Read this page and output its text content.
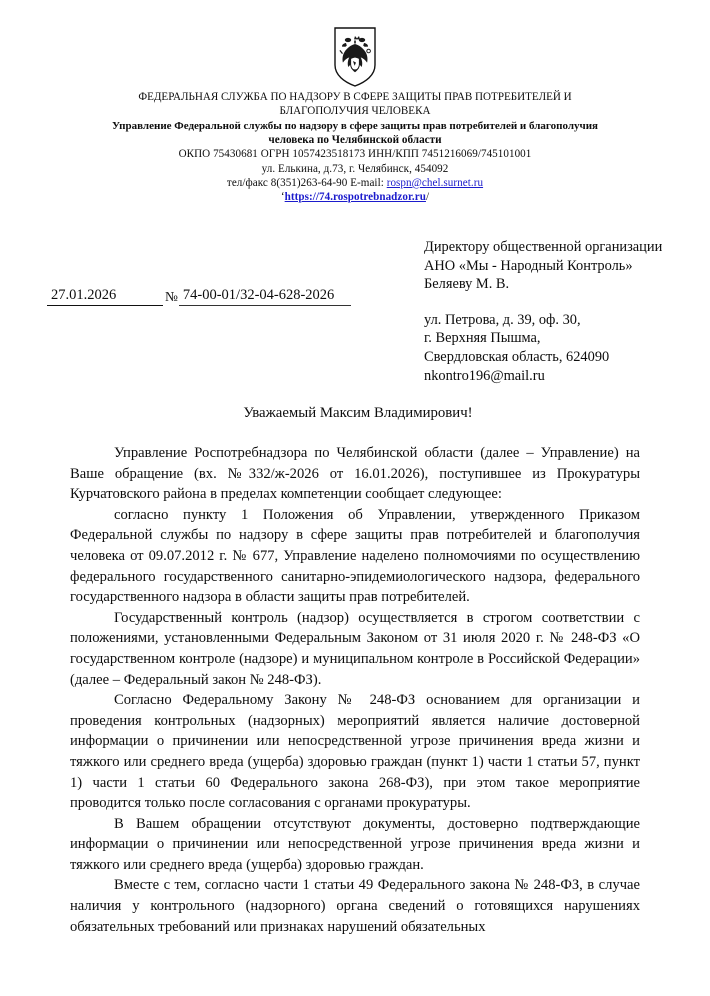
ФЕДЕРАЛЬНАЯ СЛУЖБА ПО НАДЗОРУ В СФЕРЕ ЗАЩИТЫ ПРАВ ПОТРЕБИТЕЛЕЙ И
БЛАГОПОЛУЧИЯ ЧЕЛОВЕКА
Управление Федеральной службы по надзору в сфере защиты прав потребителей и благополучия
человека по Челябинской области
ОКПО 75430681 ОГРН 1057423518173 ИНН/КПП 7451216069/745101001
ул. Елькина, д.73, г. Челябинск, 454092
тел/факс 8(351)263-64-90 E-mail: rospn@chel.surnet.ru
‘https://74.rospotrebnadzor.ru/
27.01.2026	№ 74-00-01/32-04-628-2026
Директору общественной организации
АНО «Мы - Народный Контроль»
Беляеву М. В.
ул. Петрова, д. 39, оф. 30,
г. Верхняя Пышма,
Свердловская область, 624090
nkontro196@mail.ru
Уважаемый Максим Владимирович!

Управление Роспотребнадзора по Челябинской области (далее – Управление) на Ваше обращение (вх. №332/ж-2026 от 16.01.2026), поступившее из Прокуратуры Курчатовского района в пределах компетенции сообщает следующее:

согласно пункту 1 Положения об Управлении, утвержденного Приказом Федеральной службы по надзору в сфере защиты прав потребителей и благополучия человека от 09.07.2012 г. № 677, Управление наделено полномочиями по осуществлению федерального государственного санитарно-эпидемиологического надзора, федерального государственного надзора в области защиты прав потребителей.

Государственный контроль (надзор) осуществляется в строгом соответствии с положениями, установленными Федеральным Законом от 31 июля 2020 г. № 248-ФЗ «О государственном контроле (надзоре) и муниципальном контроле в Российской Федерации» (далее – Федеральный закон № 248-ФЗ).

Согласно Федеральному Закону № 248-ФЗ основанием для организации и проведения контрольных (надзорных) мероприятий является наличие достоверной информации о причинении или непосредственной угрозе причинения вреда жизни и тяжкого или среднего вреда (ущерба) здоровью граждан (пункт 1) части 1 статьи 57, пункт 1) части 1 статьи 60 Федерального закона 268-ФЗ), при этом такое мероприятие проводится только после согласования с органами прокуратуры.

В Вашем обращении отсутствуют документы, достоверно подтверждающие информации о причинении или непосредственной угрозе причинения вреда жизни и тяжкого или среднего вреда (ущерба) здоровью граждан.

Вместе с тем, согласно части 1 статьи 49 Федерального закона № 248-ФЗ, в случае наличия у контрольного (надзорного) органа сведений о готовящихся нарушениях обязательных требований или признаках нарушений обязательных
